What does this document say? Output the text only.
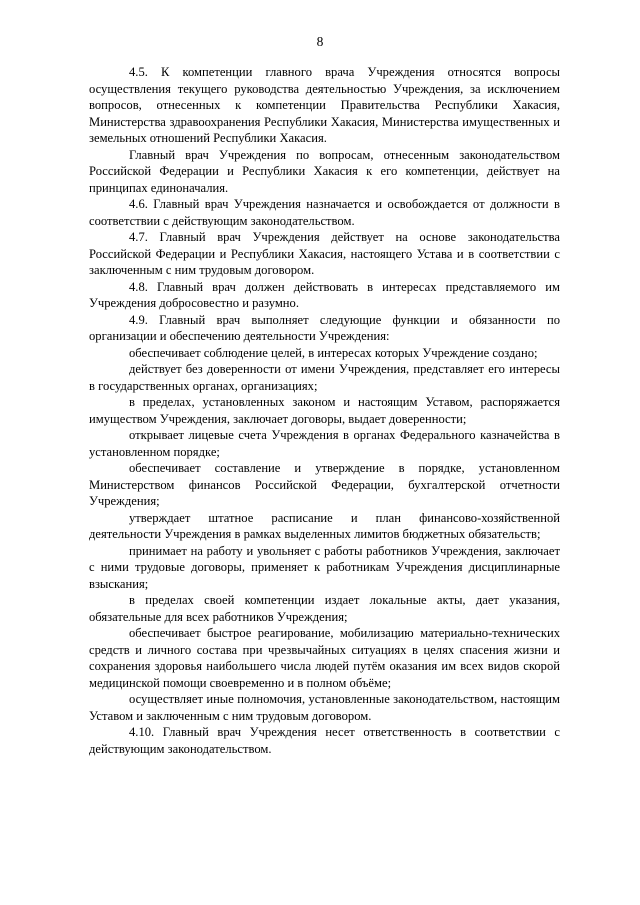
8

4.5. К компетенции главного врача Учреждения относятся вопросы осуществления текущего руководства деятельностью Учреждения, за исключением вопросов, отнесенных к компетенции Правительства Республики Хакасия, Министерства здравоохранения Республики Хакасия, Министерства имущественных и земельных отношений Республики Хакасия.

Главный врач Учреждения по вопросам, отнесенным законодательством Российской Федерации и Республики Хакасия к его компетенции, действует на принципах единоначалия.

4.6. Главный врач Учреждения назначается и освобождается от должности в соответствии с действующим законодательством.

4.7. Главный врач Учреждения действует на основе законодательства Российской Федерации и Республики Хакасия, настоящего Устава и в соответствии с заключенным с ним трудовым договором.

4.8. Главный врач должен действовать в интересах представляемого им Учреждения добросовестно и разумно.

4.9. Главный врач выполняет следующие функции и обязанности по организации и обеспечению деятельности Учреждения:

обеспечивает соблюдение целей, в интересах которых Учреждение создано;

действует без доверенности от имени Учреждения, представляет его интересы в государственных органах, организациях;

в пределах, установленных законом и настоящим Уставом, распоряжается имуществом Учреждения, заключает договоры, выдает доверенности;

открывает лицевые счета Учреждения в органах Федерального казначейства в установленном порядке;

обеспечивает составление и утверждение в порядке, установленном Министерством финансов Российской Федерации, бухгалтерской отчетности Учреждения;

утверждает штатное расписание и план финансово-хозяйственной деятельности Учреждения в рамках выделенных лимитов бюджетных обязательств;

принимает на работу и увольняет с работы работников Учреждения, заключает с ними трудовые договоры, применяет к работникам Учреждения дисциплинарные взыскания;

в пределах своей компетенции издает локальные акты, дает указания, обязательные для всех работников Учреждения;

обеспечивает быстрое реагирование, мобилизацию материально-технических средств и личного состава при чрезвычайных ситуациях в целях спасения жизни и сохранения здоровья наибольшего числа людей путём оказания им всех видов скорой медицинской помощи своевременно и в полном объёме;

осуществляет иные полномочия, установленные законодательством, настоящим Уставом и заключенным с ним трудовым договором.

4.10. Главный врач Учреждения несет ответственность в соответствии с действующим законодательством.
